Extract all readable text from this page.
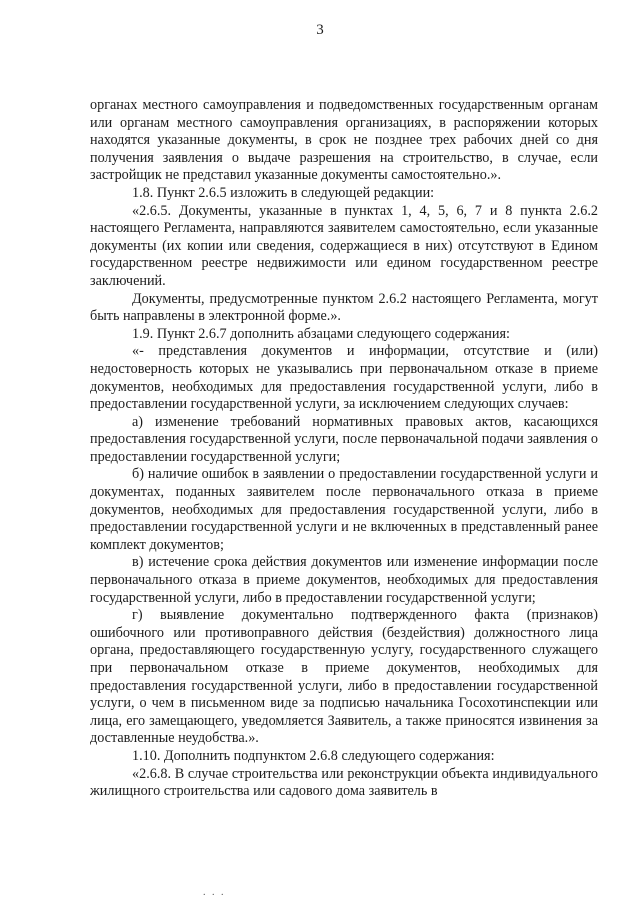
3

органах местного самоуправления и подведомственных государственным органам или органам местного самоуправления организациях, в распоряжении которых находятся указанные документы, в срок не позднее трех рабочих дней со дня получения заявления о выдаче разрешения на строительство, в случае, если застройщик не представил указанные документы самостоятельно.».

1.8. Пункт 2.6.5 изложить в следующей редакции:

«2.6.5. Документы, указанные в пунктах 1, 4, 5, 6, 7 и 8 пункта 2.6.2 настоящего Регламента, направляются заявителем самостоятельно, если указанные документы (их копии или сведения, содержащиеся в них) отсутствуют в Едином государственном реестре недвижимости или едином государственном реестре заключений.

Документы, предусмотренные пунктом 2.6.2 настоящего Регламента, могут быть направлены в электронной форме.».

1.9. Пункт 2.6.7 дополнить абзацами следующего содержания:

«- представления документов и информации, отсутствие и (или) недостоверность которых не указывались при первоначальном отказе в приеме документов, необходимых для предоставления государственной услуги, либо в предоставлении государственной услуги, за исключением следующих случаев:

а) изменение требований нормативных правовых актов, касающихся предоставления государственной услуги, после первоначальной подачи заявления о предоставлении государственной услуги;

б) наличие ошибок в заявлении о предоставлении государственной услуги и документах, поданных заявителем после первоначального отказа в приеме документов, необходимых для предоставления государственной услуги, либо в предоставлении государственной услуги и не включенных в представленный ранее комплект документов;

в) истечение срока действия документов или изменение информации после первоначального отказа в приеме документов, необходимых для предоставления государственной услуги, либо в предоставлении государственной услуги;

г) выявление документально подтвержденного факта (признаков) ошибочного или противоправного действия (бездействия) должностного лица органа, предоставляющего государственную услугу, государственного служащего при первоначальном отказе в приеме документов, необходимых для предоставления государственной услуги, либо в предоставлении государственной услуги, о чем в письменном виде за подписью начальника Госохотинспекции или лица, его замещающего, уведомляется Заявитель, а также приносятся извинения за доставленные неудобства.».

1.10. Дополнить подпунктом 2.6.8 следующего содержания:

«2.6.8. В случае строительства или реконструкции объекта индивидуального жилищного строительства или садового дома заявитель в

. . .
